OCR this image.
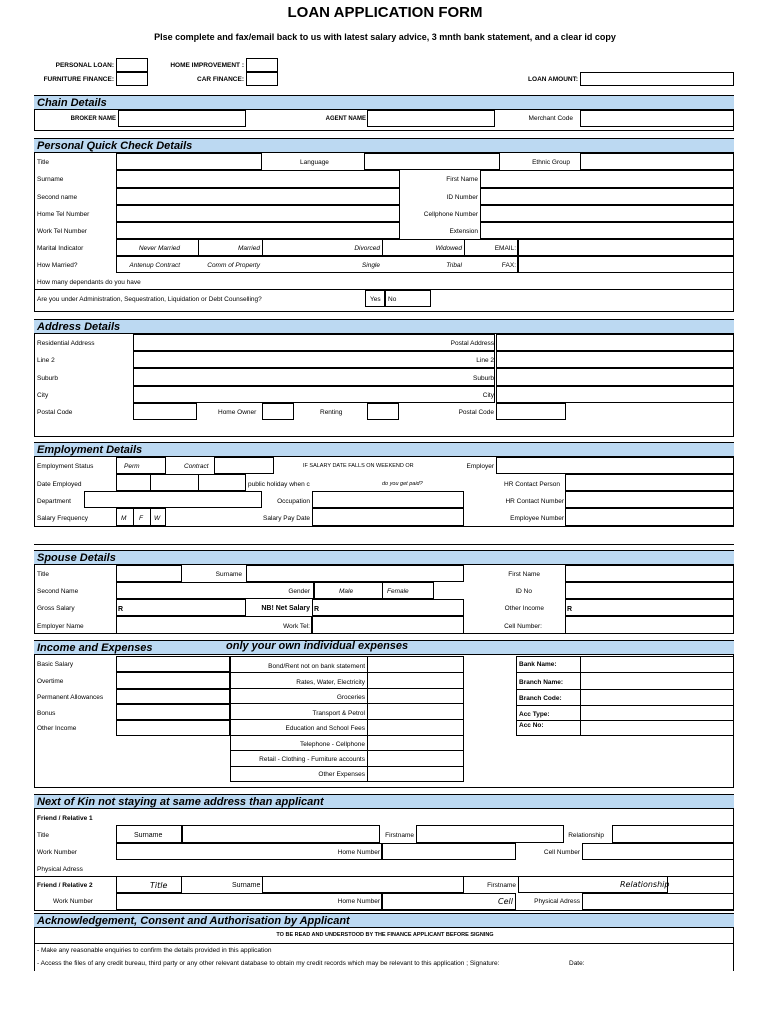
LOAN APPLICATION FORM
Plse complete and fax/email back to us with latest salary advice, 3 mnth bank statement, and a clear id copy
PERSONAL LOAN:
FURNITURE FINANCE:
HOME IMPROVEMENT :
CAR FINANCE:	LOAN AMOUNT:
Chain Details
BROKER NAME	AGENT NAME	Merchant Code
Personal Quick Check Details
Title	Language	Ethnic Group
Surname	First Name
Second name	ID Number
Home Tel Number	Cellphone Number
Work Tel Number	Extension
Marital Indicator	Never Married	Married	Divorced	Widowed	EMAIL:
How Married?	Antenup Contract	Comm of Property	Single	Tribal	FAX:
How many dependants do you have
Are you under Administration, Sequestration, Liquidation or Debt Counselling?	Yes No
Address Details
Residential Address	Postal Address
Line 2	Line 2
Suburb	Suburb
City	City
Postal Code	Home Owner	Renting	Postal Code
Employment Details
Employment Status	Perm	Contract	IF SALARY DATE FALLS ON WEEKEND OR	Employer
Date Employed	public holiday when c	do you get paid?	HR Contact Person
Department	Occupation	HR Contact Number
Salary Frequency	M F W	Salary Pay Date	Employee Number
Spouse Details
Title	Surname	First Name
Second Name	Gender	Male	Female	ID No
Gross Salary	R	NB! Net Salary R	Other Income	R
Employer Name	Work Tel:	Cell Number:
Income and Expenses	only your own individual expenses
Basic Salary
Overtime
Permanent Allowances
Bonus
Other Income
Bond/Rent not on bank statement
Rates, Water, Electricity
Groceries
Transport & Petrol
Education and School Fees
Telephone - Cellphone
Retail - Clothing - Furniture accounts
Other Expenses
Bank Name:
Branch Name:
Branch Code:
Acc Type:
Acc No:
Next of Kin not staying at same address than applicant
Friend / Relative 1
Title	Surname	Firstname	Relationship
Work Number	Home Number	Cell Number
Physical Adress
Friend / Relative 2	Title	Surname	Firstname	Relationship
Work Number	Home Number	Cell	Physical Adress
Acknowledgement, Consent and Authorisation by Applicant
TO BE READ AND UNDERSTOOD BY THE FINANCE APPLICANT BEFORE SIGNING
- Make any reasonable enquiries to confirm the details provided in this application
- Access the files of any credit bureau, third party or any other relevant database to obtain my credit records which may be relevant to this application ; Signature:	Date:
